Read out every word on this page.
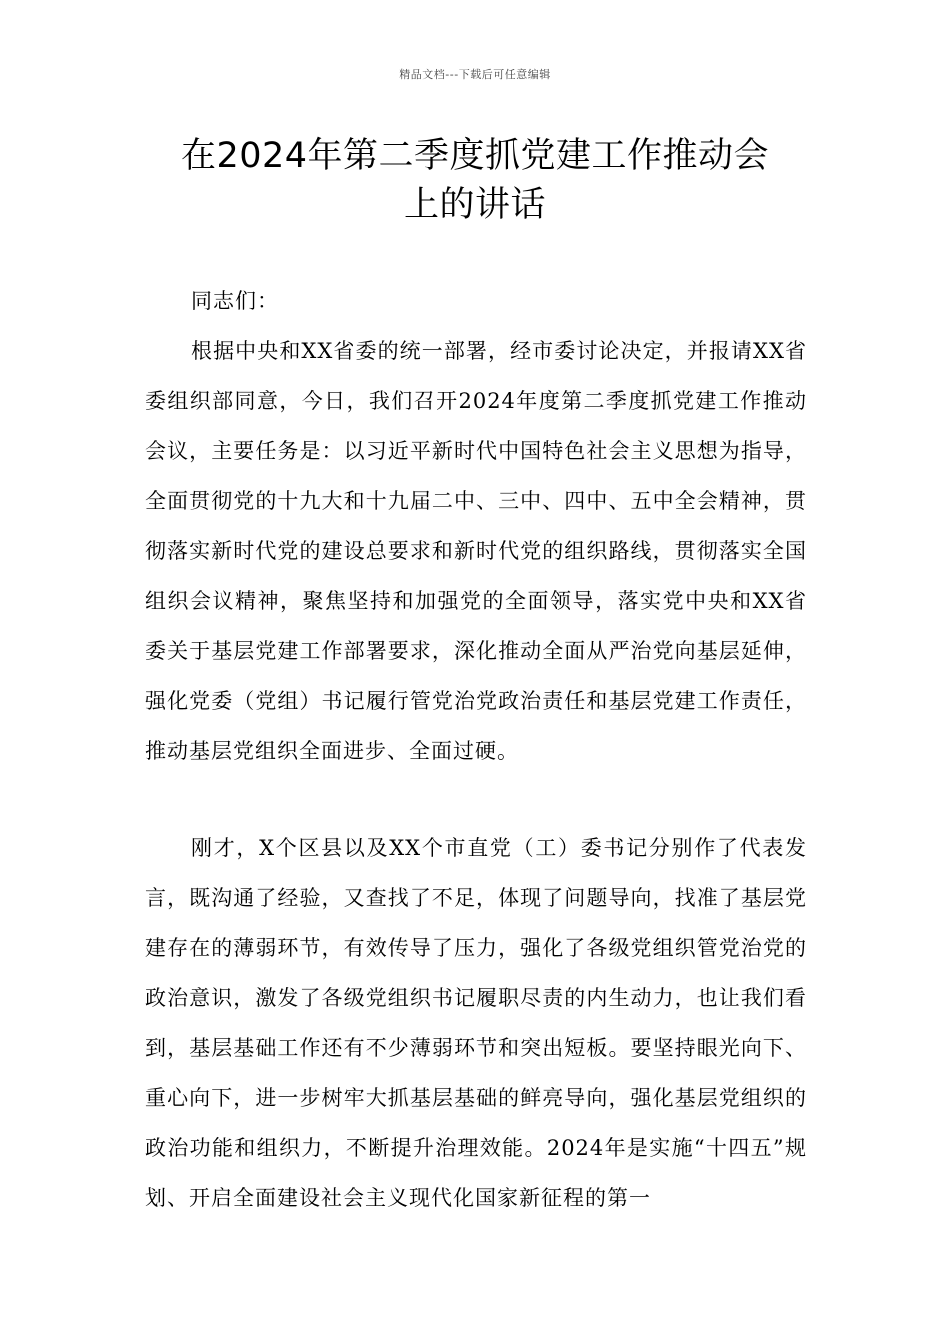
精品文档---下载后可任意编辑
在2024年第二季度抓党建工作推动会
上的讲话

同志们：

根据中央和XX省委的统一部署，经市委讨论决定，并报请XX省委组织部同意，今日，我们召开2024年度第二季度抓党建工作推动会议，主要任务是：以习近平新时代中国特色社会主义思想为指导，全面贯彻党的十九大和十九届二中、三中、四中、五中全会精神，贯彻落实新时代党的建设总要求和新时代党的组织路线，贯彻落实全国组织会议精神，聚焦坚持和加强党的全面领导，落实党中央和XX省委关于基层党建工作部署要求，深化推动全面从严治党向基层延伸，强化党委（党组）书记履行管党治党政治责任和基层党建工作责任，推动基层党组织全面进步、全面过硬。

刚才，X个区县以及XX个市直党（工）委书记分别作了代表发言，既沟通了经验，又查找了不足，体现了问题导向，找准了基层党建存在的薄弱环节，有效传导了压力，强化了各级党组织管党治党的政治意识，激发了各级党组织书记履职尽责的内生动力，也让我们看到，基层基础工作还有不少薄弱环节和突出短板。要坚持眼光向下、重心向下，进一步树牢大抓基层基础的鲜亮导向，强化基层党组织的政治功能和组织力，不断提升治理效能。2024年是实施“十四五”规划、开启全面建设社会主义现代化国家新征程的第一
